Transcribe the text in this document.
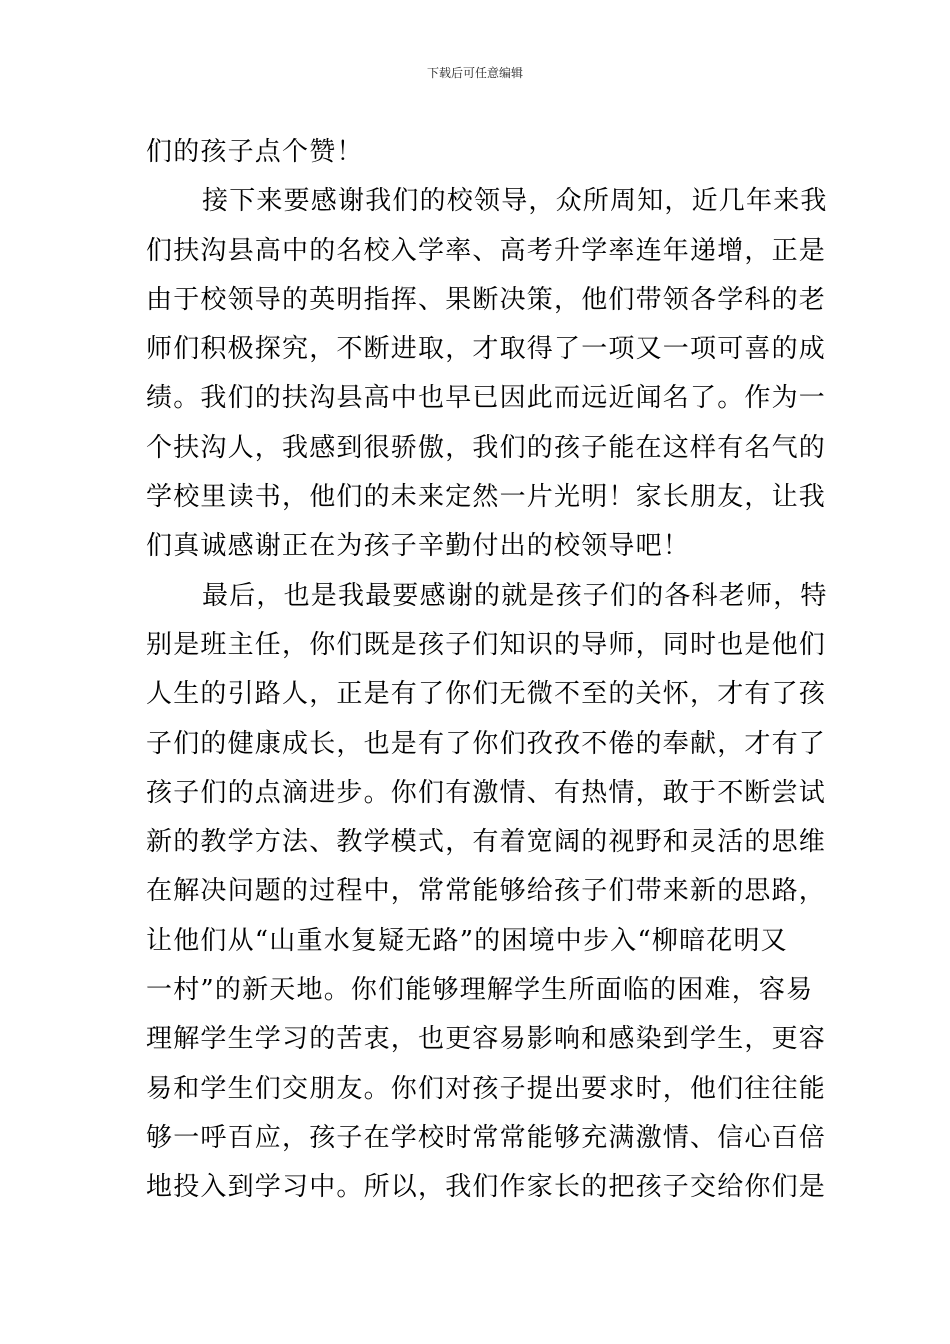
下载后可任意编辑
们的孩子点个赞！
接下来要感谢我们的校领导，众所周知，近几年来我
们扶沟县高中的名校入学率、高考升学率连年递增，正是
由于校领导的英明指挥、果断决策，他们带领各学科的老
师们积极探究，不断进取，才取得了一项又一项可喜的成
绩。我们的扶沟县高中也早已因此而远近闻名了。作为一
个扶沟人，我感到很骄傲，我们的孩子能在这样有名气的
学校里读书，他们的未来定然一片光明！家长朋友，让我
们真诚感谢正在为孩子辛勤付出的校领导吧！
最后，也是我最要感谢的就是孩子们的各科老师，特
别是班主任，你们既是孩子们知识的导师，同时也是他们
人生的引路人，正是有了你们无微不至的关怀，才有了孩
子们的健康成长，也是有了你们孜孜不倦的奉献，才有了
孩子们的点滴进步。你们有激情、有热情，敢于不断尝试
新的教学方法、教学模式，有着宽阔的视野和灵活的思维
在解决问题的过程中，常常能够给孩子们带来新的思路，
让他们从“山重水复疑无路”的困境中步入“柳暗花明又
一村”的新天地。你们能够理解学生所面临的困难，容易
理解学生学习的苦衷，也更容易影响和感染到学生，更容
易和学生们交朋友。你们对孩子提出要求时，他们往往能
够一呼百应，孩子在学校时常常能够充满激情、信心百倍
地投入到学习中。所以，我们作家长的把孩子交给你们是
